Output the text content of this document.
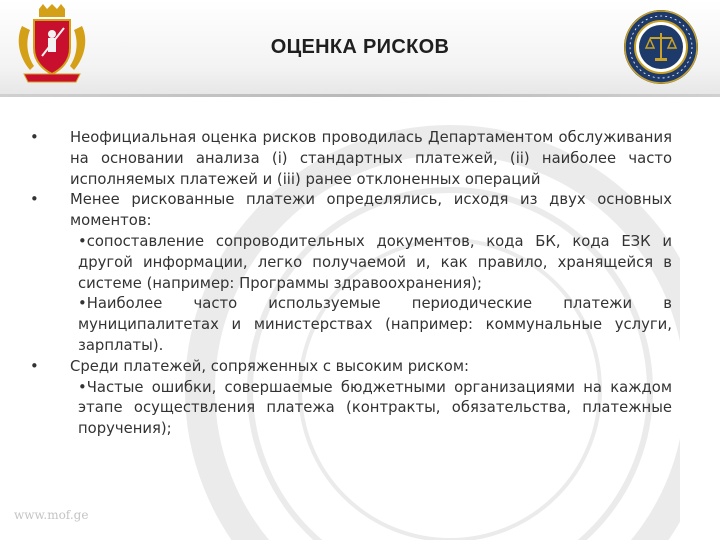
ОЦЕНКА РИСКОВ
• Неофициальная оценка рисков проводилась Департаментом обслуживания на основании анализа (i) стандартных платежей, (ii) наиболее часто исполняемых платежей и (iii) ранее отклоненных операций
• Менее рискованные платежи определялись, исходя из двух основных моментов:
•сопоставление сопроводительных документов, кода БК, кода ЕЗК и другой информации, легко получаемой и, как правило, хранящейся в системе (например: Программы здравоохранения);
•Наиболее часто используемые периодические платежи в муниципалитетах и министерствах (например: коммунальные услуги, зарплаты).
• Среди платежей, сопряженных с высоким риском:
•Частые ошибки, совершаемые бюджетными организациями на каждом этапе осуществления платежа (контракты, обязательства, платежные поручения);
www.mof.ge
